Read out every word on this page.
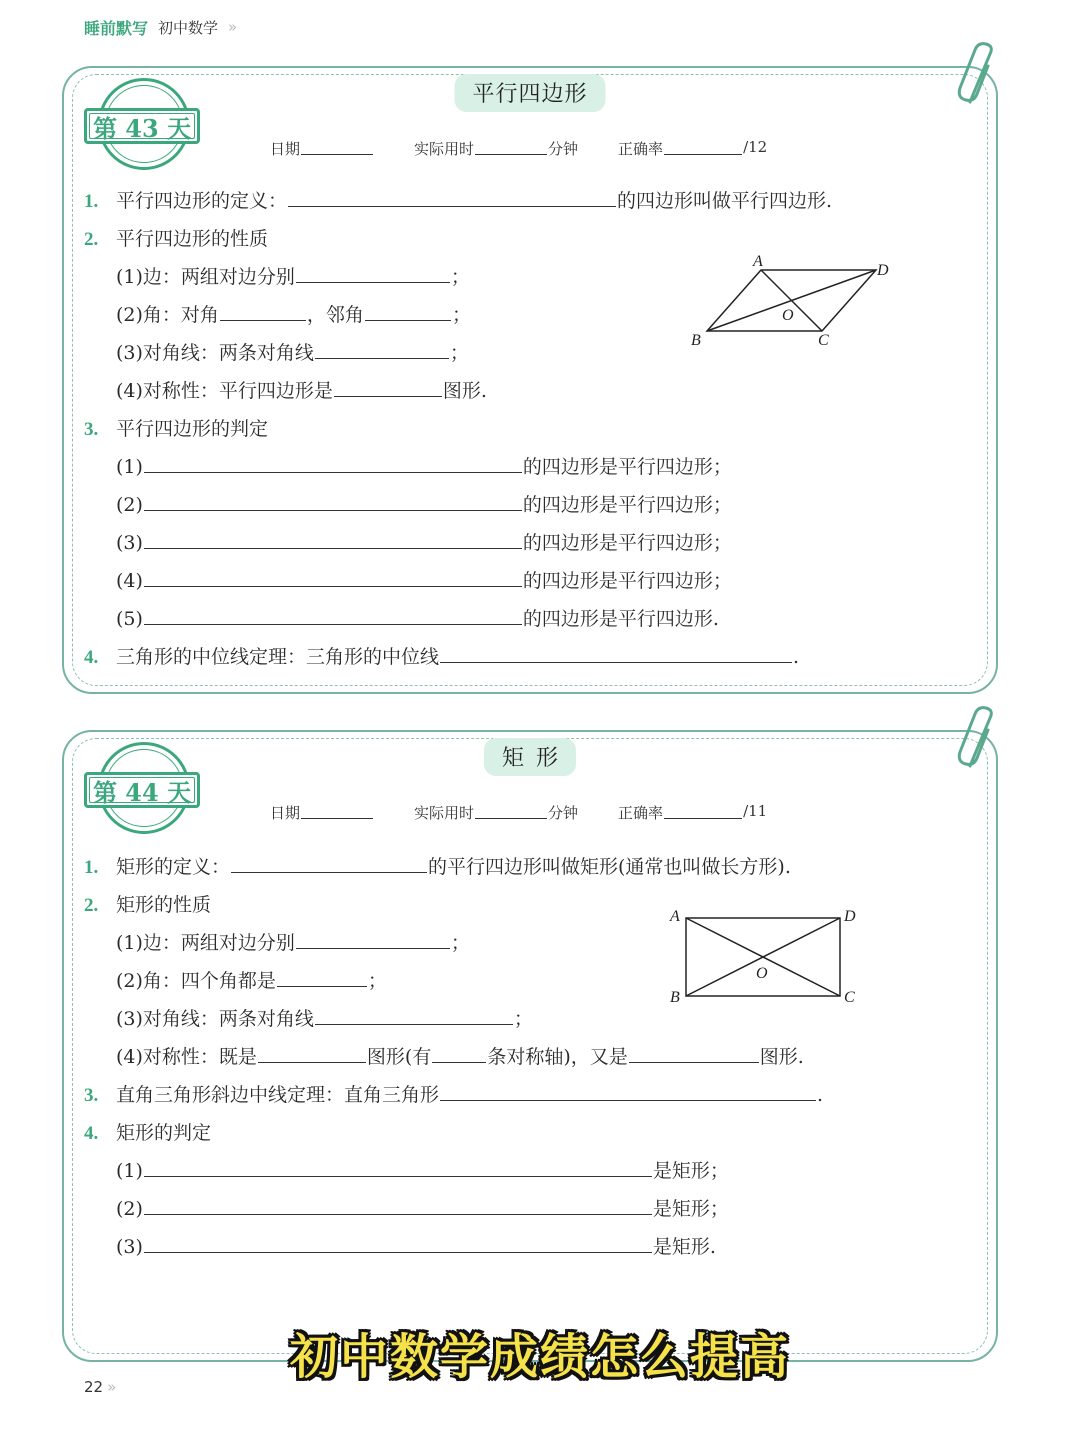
睡前默写 初中数学 »
平行四边形
第 43 天
日期	实际用时	分钟	正确率	/12
1. 平行四边形的定义：	的四边形叫做平行四边形.
2. 平行四边形的性质
(1)边：两组对边分别	；
(2)角：对角	，邻角	；
(3)对角线：两条对角线	；
(4)对称性：平行四边形是	图形.
3. 平行四边形的判定
(1)	的四边形是平行四边形；
(2)	的四边形是平行四边形；
(3)	的四边形是平行四边形；
(4)	的四边形是平行四边形；
(5)	的四边形是平行四边形.
4. 三角形的中位线定理：三角形的中位线	.
A
D
B	C
O
矩形
第 44 天
日期	实际用时	分钟	正确率	/11
1. 矩形的定义：	的平行四边形叫做矩形(通常也叫做长方形).
2. 矩形的性质
(1)边：两组对边分别	；
(2)角：四个角都是	；
(3)对角线：两条对角线	；
(4)对称性：既是	图形(有	条对称轴)，又是	图形.
3. 直角三角形斜边中线定理：直角三角形	.
4. 矩形的判定
(1)	是矩形；
(2)	是矩形；
(3)	是矩形.
A	D
B	C
O
初中数学成绩怎么提高
22 »
